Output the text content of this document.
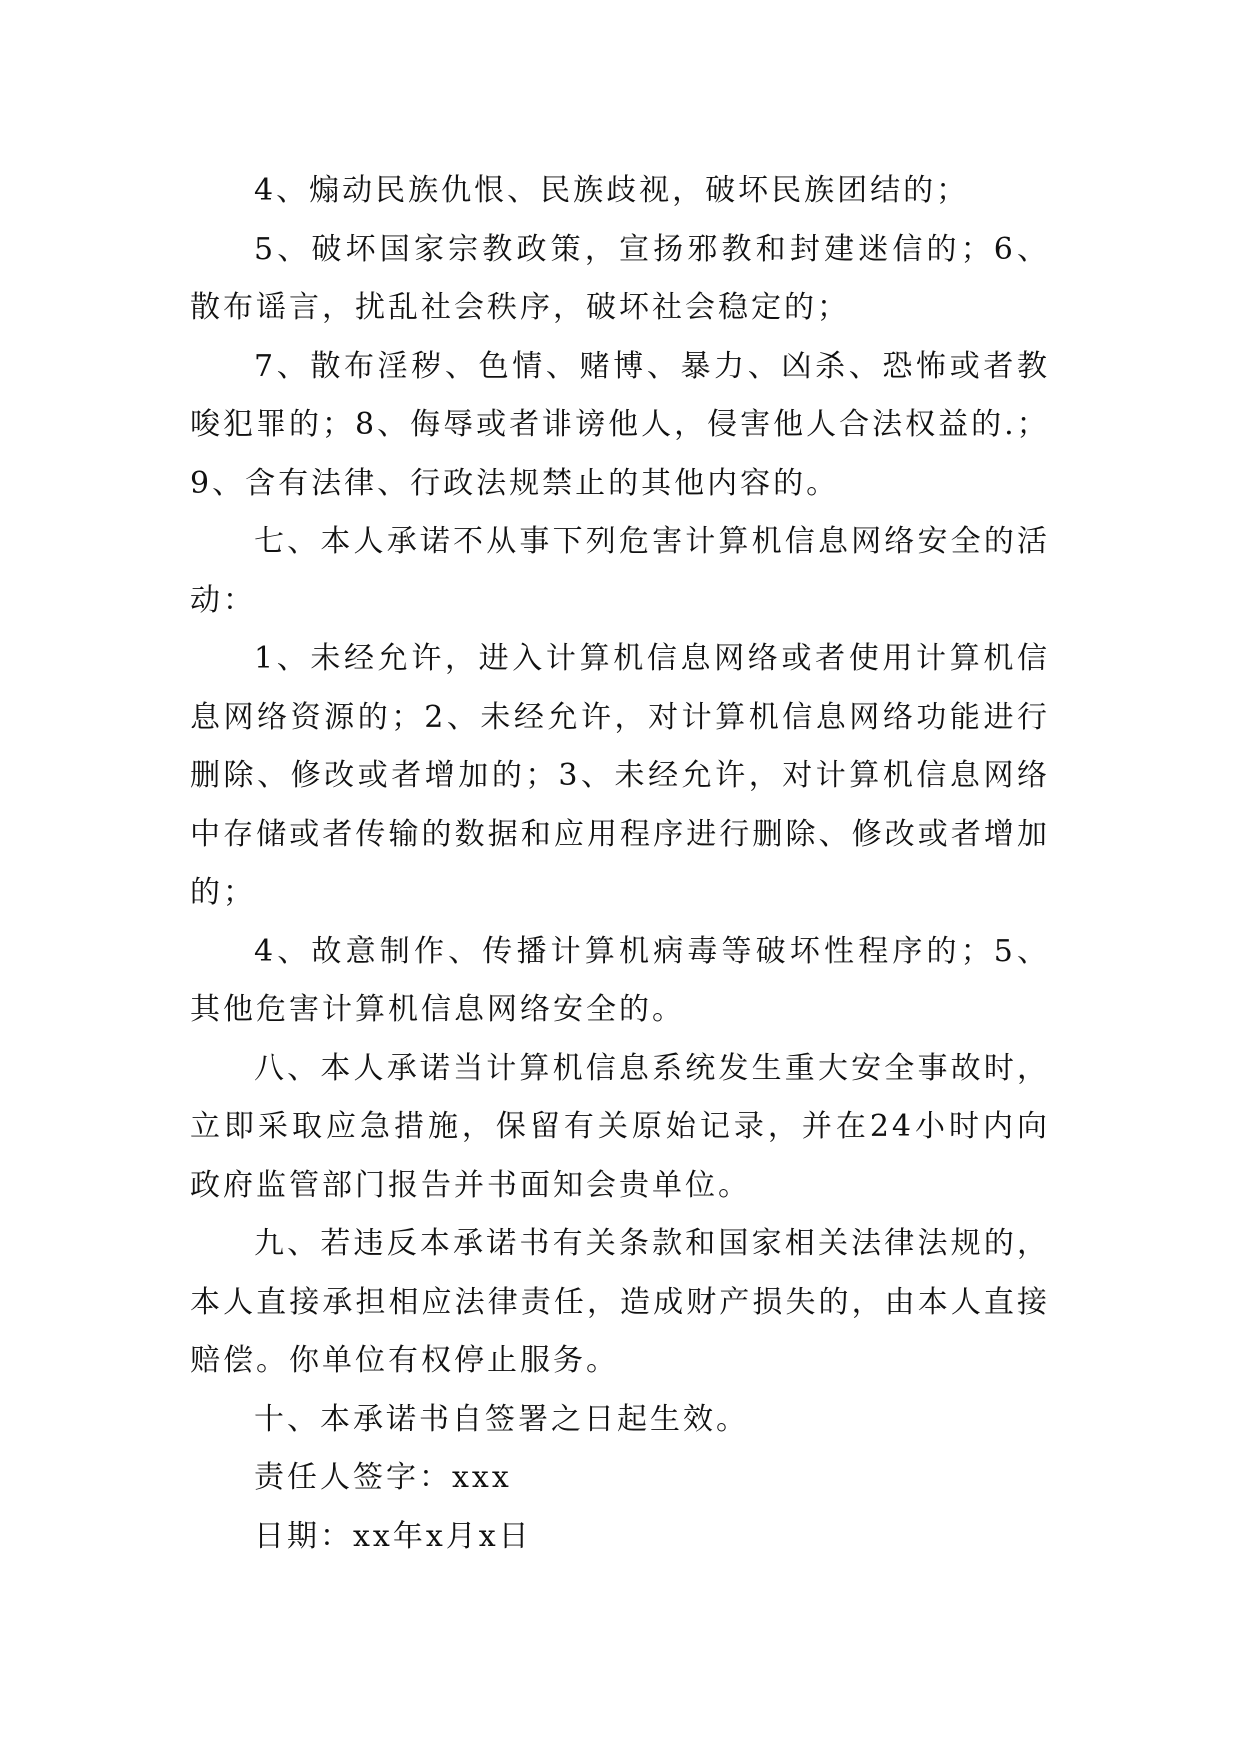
4、煽动民族仇恨、民族歧视，破坏民族团结的；

5、破坏国家宗教政策，宣扬邪教和封建迷信的；6、散布谣言，扰乱社会秩序，破坏社会稳定的；

7、散布淫秽、色情、赌博、暴力、凶杀、恐怖或者教唆犯罪的；8、侮辱或者诽谤他人，侵害他人合法权益的.；

9、含有法律、行政法规禁止的其他内容的。

七、本人承诺不从事下列危害计算机信息网络安全的活动：

1、未经允许，进入计算机信息网络或者使用计算机信息网络资源的；2、未经允许，对计算机信息网络功能进行删除、修改或者增加的；3、未经允许，对计算机信息网络中存储或者传输的数据和应用程序进行删除、修改或者增加的；

4、故意制作、传播计算机病毒等破坏性程序的；5、其他危害计算机信息网络安全的。

八、本人承诺当计算机信息系统发生重大安全事故时，立即采取应急措施，保留有关原始记录，并在24小时内向政府监管部门报告并书面知会贵单位。

九、若违反本承诺书有关条款和国家相关法律法规的，本人直接承担相应法律责任，造成财产损失的，由本人直接赔偿。你单位有权停止服务。

十、本承诺书自签署之日起生效。

责任人签字：xxx

日期：xx年x月x日
